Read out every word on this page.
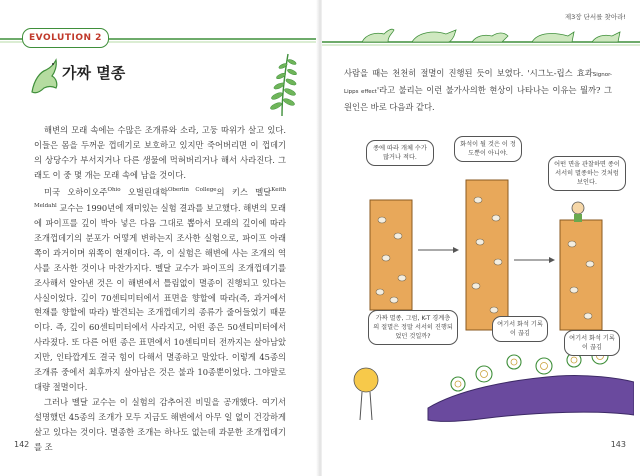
EVOLUTION 2
가짜 멸종

해변의 모래 속에는 수많은 조개류와 소라, 고둥 따위가 살고 있다. 이들은 몸을 두꺼운 껍데기로 보호하고 있지만 죽어버리면 이 껍데기의 상당수가 부서지거나 다른 생물에 먹혀버리거나 해서 사라진다. 그래도 이 중 몇 개는 모래 속에 남을 것이다.

미국 오하이오주$^{Ohio}$ 오벌린대학$^{Oberlin College}$의 키스 멜달$^{Keith Meldahl}$ 교수는 1990년에 재미있는 실험 결과를 보고했다. 해변의 모래에 파이프를 깊이 박아 넣은 다음 그대로 뽑아서 모래의 깊이에 따라 조개껍데기의 분포가 어떻게 변하는지 조사한 실험으로, 파이프 아래쪽이 과거이며 위쪽이 현재이다. 즉, 이 실험은 해변에 사는 조개의 역사를 조사한 것이나 마찬가지다. 멜달 교수가 파이프의 조개껍데기를 조사해서 알아낸 것은 이 해변에서 틀림없이 멸종이 진행되고 있다는 사실이었다. 깊이 70센티미터에서 표면을 향할에 따라(즉, 과거에서 현재를 향할에 따라) 발견되는 조개껍데기의 종류가 줄어들었기 때문이다. 즉, 깊이 60센티미터에서 사라지고, 어떤 종은 50센티미터에서 사라졌다. 또 다른 어떤 종은 표면에서 10센티미터 전까지는 살아남았지만, 인타깝게도 결국 힘이 다해서 멸종하고 말았다. 이렇게 45종의 조개류 중에서 최후까지 살아남은 것은 불과 10종뿐이었다. 그야말로 대량 절멸이다.

그러나 멜달 교수는 이 실험의 감추어진 비밀을 공개했다. 여기서 설명했던 45종의 조개가 모두 지금도 해변에서 아무 일 없이 건강하게 살고 있다는 것이다. 멸종한 조개는 하나도 없는데 과문한 조개껍데기를 조

142
제3장 단서를 찾아라!

사람을 때는 천천히 절멸이 진행된 듯이 보였다. '시그노-립스 효과Signor-Lipps effect'라고 불리는 이런 불가사의한 현상이 나타나는 이유는 뭘까? 그 원인은 바로 다음과 같다.

종에 따라 개체 수가 많거나 적다.
화석이 될 것은 이 정도뿐이 아니야.
어떤 면을 관찰하면 종이 서서히 멸종하는 것처럼 보인다.
가짜 멸종, 그럼, K-T 경계층의 절멸은 정말 서서히 진행되었던 것일까?
여기서 화석 기록이 끊김
여기서 화석 기록이 끊김
143
